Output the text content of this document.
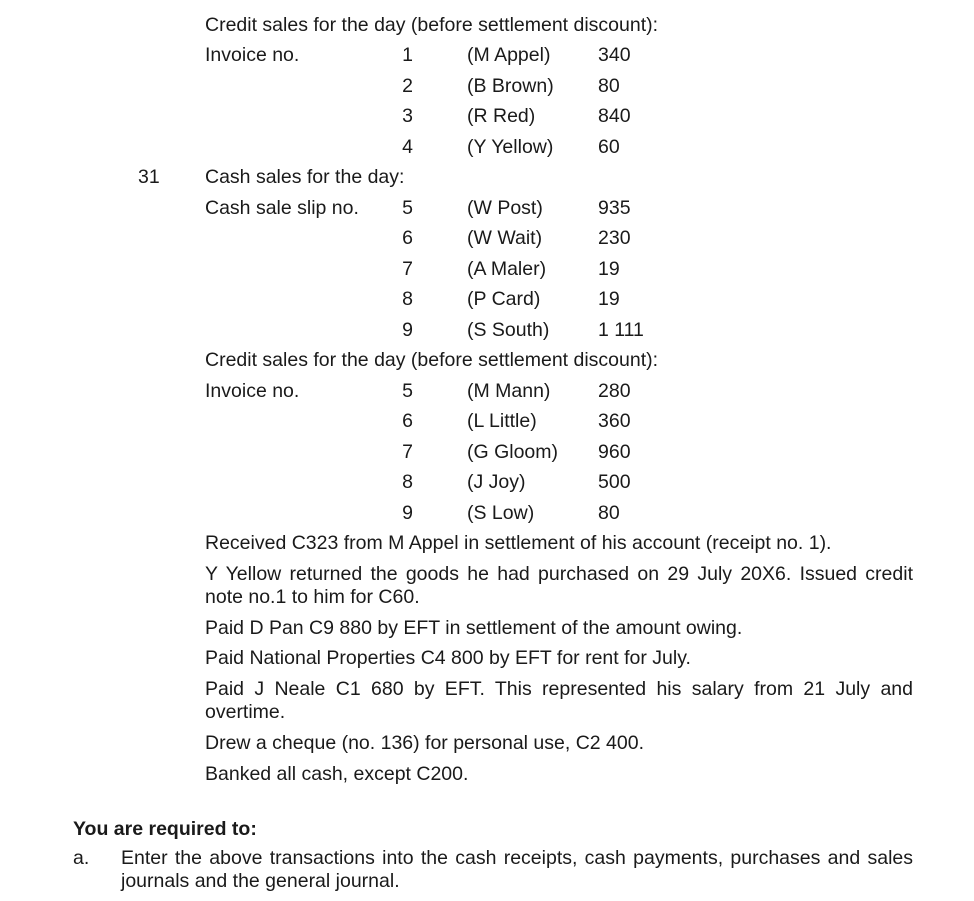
Credit sales for the day (before settlement discount):
Invoice no.	1	(M Appel) 340
2	(B Brown) 80
3	(R Red)	840
4	(Y Yellow) 60
31 Cash sales for the day:
Cash sale slip no.	5	(W Post)	935
6	(W Wait)	230
7	(A Maler)	19
8	(P Card)	19
9	(S South) 1 111
Credit sales for the day (before settlement discount):
Invoice no.	5	(M Mann) 280
6	(L Little)	360
7	(G Gloom) 960
8	(J Joy)	500
9	(S Low)	80
Received C323 from M Appel in settlement of his account (receipt no. 1).
Y Yellow returned the goods he had purchased on 29 July 20X6. Issued credit note no.1 to him for C60.
Paid D Pan C9 880 by EFT in settlement of the amount owing.
Paid National Properties C4 800 by EFT for rent for July.
Paid J Neale C1 680 by EFT. This represented his salary from 21 July and overtime.
Drew a cheque (no. 136) for personal use, C2 400.
Banked all cash, except C200.
You are required to:
a. Enter the above transactions into the cash receipts, cash payments, purchases and sales journals and the general journal.
